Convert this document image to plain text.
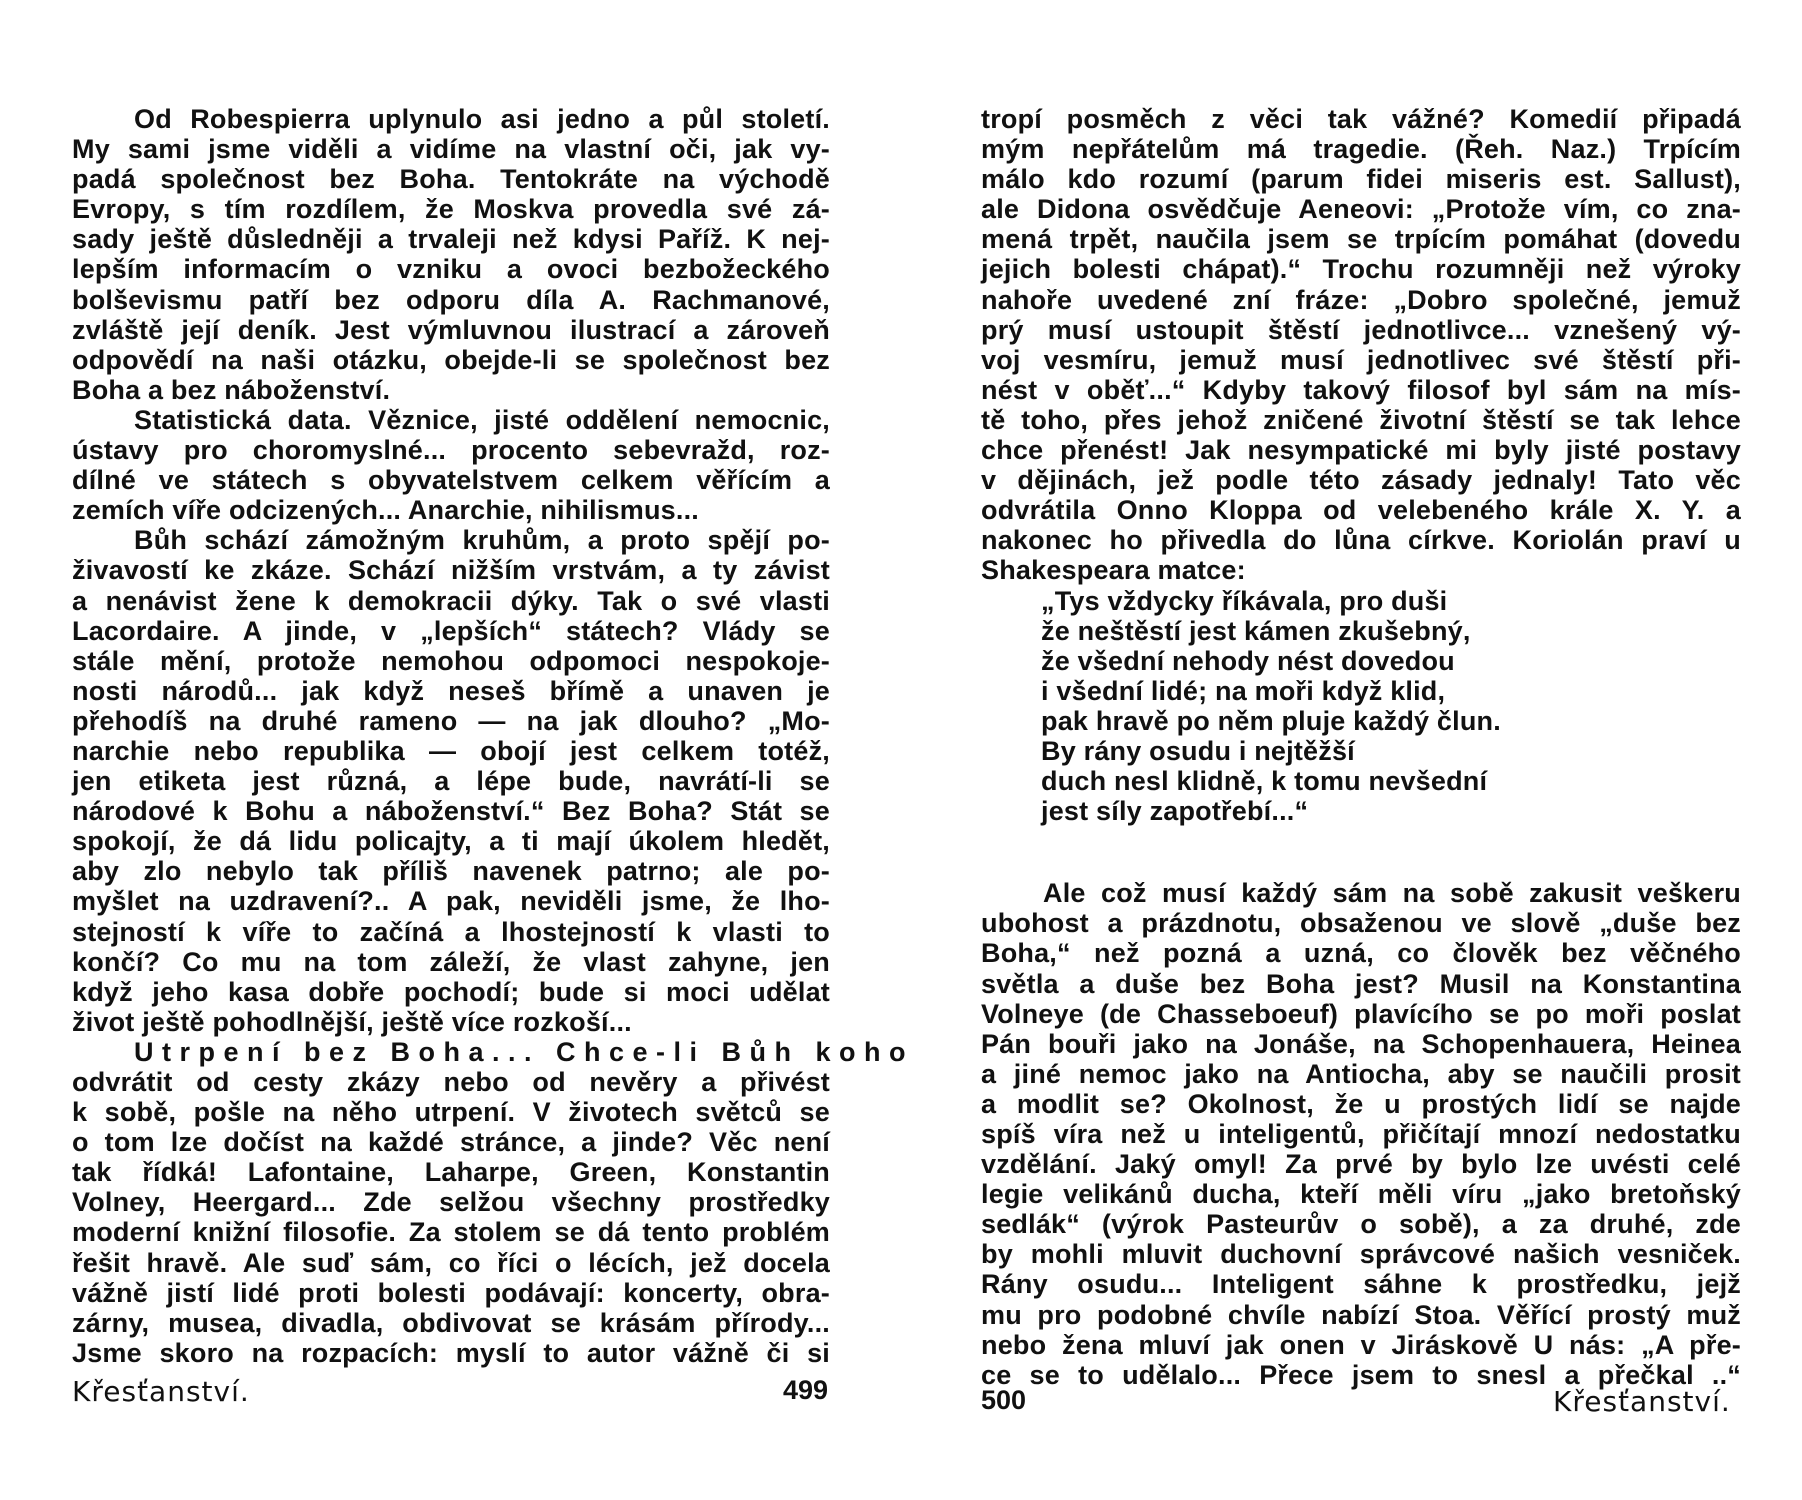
Od Robespierra uplynulo asi jedno a půl století.
My sami jsme viděli a vidíme na vlastní oči, jak vy-
padá společnost bez Boha. Tentokráte na východě
Evropy, s tím rozdílem, že Moskva provedla své zá-
sady ještě důsledněji a trvaleji než kdysi Paříž. K nej-
lepším informacím o vzniku a ovoci bezbožeckého
bolševismu patří bez odporu díla A. Rachmanové,
zvláště její deník. Jest výmluvnou ilustrací a zároveň
odpovědí na naši otázku, obejde-li se společnost bez
Boha a bez náboženství.
Statistická data. Věznice, jisté oddělení nemocnic,
ústavy pro choromyslné... procento sebevražd, roz-
dílné ve státech s obyvatelstvem celkem věřícím a
zemích víře odcizených... Anarchie, nihilismus...
Bůh schází zámožným kruhům, a proto spějí po-
živavostí ke zkáze. Schází nižším vrstvám, a ty závist
a nenávist žene k demokracii dýky. Tak o své vlasti
Lacordaire. A jinde, v „lepších“ státech? Vlády se
stále mění, protože nemohou odpomoci nespokoje-
nosti národů... jak když neseš břímě a unaven je
přehodíš na druhé rameno — na jak dlouho? „Mo-
narchie nebo republika — obojí jest celkem totéž,
jen etiketa jest různá, a lépe bude, navrátí-li se
národové k Bohu a náboženství.“ Bez Boha? Stát se
spokojí, že dá lidu policajty, a ti mají úkolem hledět,
aby zlo nebylo tak příliš navenek patrno; ale po-
myšlet na uzdravení?.. A pak, neviděli jsme, že lho-
stejností k víře to začíná a lhostejností k vlasti to
končí? Co mu na tom záleží, že vlast zahyne, jen
když jeho kasa dobře pochodí; bude si moci udělat
život ještě pohodlnější, ještě více rozkoší...
Utrpení bez Boha... Chce-li Bůh koho
odvrátit od cesty zkázy nebo od nevěry a přivést
k sobě, pošle na něho utrpení. V životech světců se
o tom lze dočíst na každé stránce, a jinde? Věc není
tak řídká! Lafontaine, Laharpe, Green, Konstantin
Volney, Heergard... Zde selžou všechny prostředky
moderní knižní filosofie. Za stolem se dá tento problém
řešit hravě. Ale suď sám, co říci o lécích, jež docela
vážně jistí lidé proti bolesti podávají: koncerty, obra-
zárny, musea, divadla, obdivovat se krásám přírody...
Jsme skoro na rozpacích: myslí to autor vážně či si
Křesťanství.	499
tropí posměch z věci tak vážné? Komedií připadá
mým nepřátelům má tragedie. (Řeh. Naz.) Trpícím
málo kdo rozumí (parum fidei miseris est. Sallust),
ale Didona osvědčuje Aeneovi: „Protože vím, co zna-
mená trpět, naučila jsem se trpícím pomáhat (dovedu
jejich bolesti chápat).“ Trochu rozumněji než výroky
nahoře uvedené zní fráze: „Dobro společné, jemuž
prý musí ustoupit štěstí jednotlivce... vznešený vý-
voj vesmíru, jemuž musí jednotlivec své štěstí při-
nést v oběť...“ Kdyby takový filosof byl sám na mís-
tě toho, přes jehož zničené životní štěstí se tak lehce
chce přenést! Jak nesympatické mi byly jisté postavy
v dějinách, jež podle této zásady jednaly! Tato věc
odvrátila Onno Kloppa od velebeného krále X. Y. a
nakonec ho přivedla do lůna církve. Koriolán praví u
Shakespeara matce:
„Tys vždycky říkávala, pro duši
že neštěstí jest kámen zkušebný,
že všední nehody nést dovedou
i všední lidé; na moři když klid,
pak hravě po něm pluje každý člun.
By rány osudu i nejtěžší
duch nesl klidně, k tomu nevšední
jest síly zapotřebí...“
Ale což musí každý sám na sobě zakusit veškeru
ubohost a prázdnotu, obsaženou ve slově „duše bez
Boha,“ než pozná a uzná, co člověk bez věčného
světla a duše bez Boha jest? Musil na Konstantina
Volneye (de Chasseboeuf) plavícího se po moři poslat
Pán bouři jako na Jonáše, na Schopenhauera, Heinea
a jiné nemoc jako na Antiocha, aby se naučili prosit
a modlit se? Okolnost, že u prostých lidí se najde
spíš víra než u inteligentů, přičítají mnozí nedostatku
vzdělání. Jaký omyl! Za prvé by bylo lze uvésti celé
legie velikánů ducha, kteří měli víru „jako bretoňský
sedlák“ (výrok Pasteurův o sobě), a za druhé, zde
by mohli mluvit duchovní správcové našich vesniček.
Rány osudu... Inteligent sáhne k prostředku, jejž
mu pro podobné chvíle nabízí Stoa. Věřící prostý muž
nebo žena mluví jak onen v Jiráskově U nás: „A pře-
ce se to udělalo... Přece jsem to snesl a přečkal ..“
500	Křesťanství.
